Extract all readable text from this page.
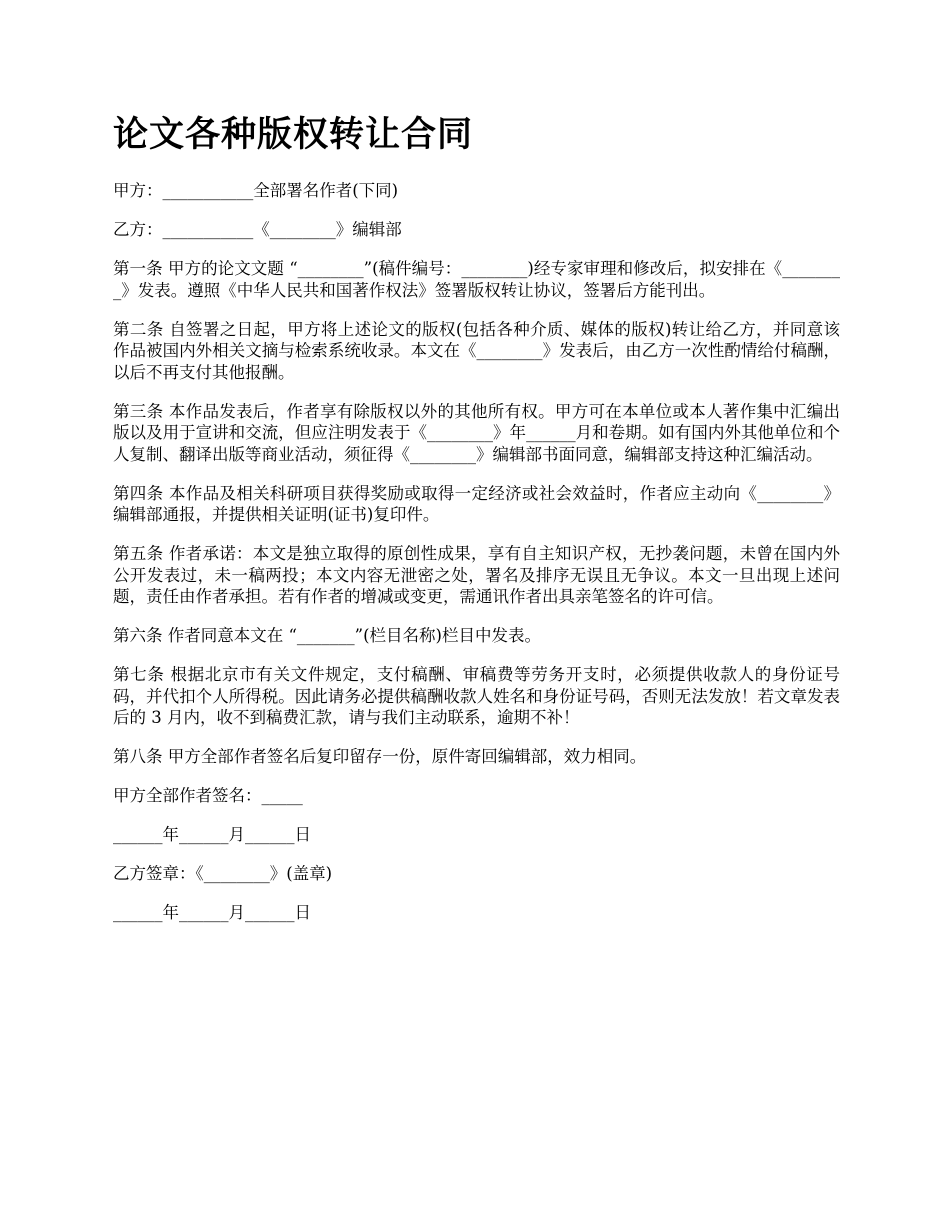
论文各种版权转让合同

甲方：___________全部署名作者(下同)

乙方：___________《________》编辑部

第一条 甲方的论文文题 “________”(稿件编号：________)经专家审理和修改后，拟安排在《________》发表。遵照《中华人民共和国著作权法》签署版权转让协议，签署后方能刊出。

第二条 自签署之日起，甲方将上述论文的版权(包括各种介质、媒体的版权)转让给乙方，并同意该作品被国内外相关文摘与检索系统收录。本文在《________》发表后，由乙方一次性酌情给付稿酬，以后不再支付其他报酬。

第三条 本作品发表后，作者享有除版权以外的其他所有权。甲方可在本单位或本人著作集中汇编出版以及用于宣讲和交流，但应注明发表于《________》年______月和卷期。如有国内外其他单位和个人复制、翻译出版等商业活动，须征得《________》编辑部书面同意，编辑部支持这种汇编活动。

第四条 本作品及相关科研项目获得奖励或取得一定经济或社会效益时，作者应主动向《________》编辑部通报，并提供相关证明(证书)复印件。

第五条 作者承诺：本文是独立取得的原创性成果，享有自主知识产权，无抄袭问题，未曾在国内外公开发表过，未一稿两投；本文内容无泄密之处，署名及排序无误且无争议。本文一旦出现上述问题，责任由作者承担。若有作者的增减或变更，需通讯作者出具亲笔签名的许可信。

第六条 作者同意本文在 “_______”(栏目名称)栏目中发表。

第七条 根据北京市有关文件规定，支付稿酬、审稿费等劳务开支时，必须提供收款人的身份证号码，并代扣个人所得税。因此请务必提供稿酬收款人姓名和身份证号码，否则无法发放！若文章发表后的 3 月内，收不到稿费汇款，请与我们主动联系，逾期不补！

第八条 甲方全部作者签名后复印留存一份，原件寄回编辑部，效力相同。

甲方全部作者签名：_____

______年______月______日

乙方签章：《________》(盖章)

______年______月______日
